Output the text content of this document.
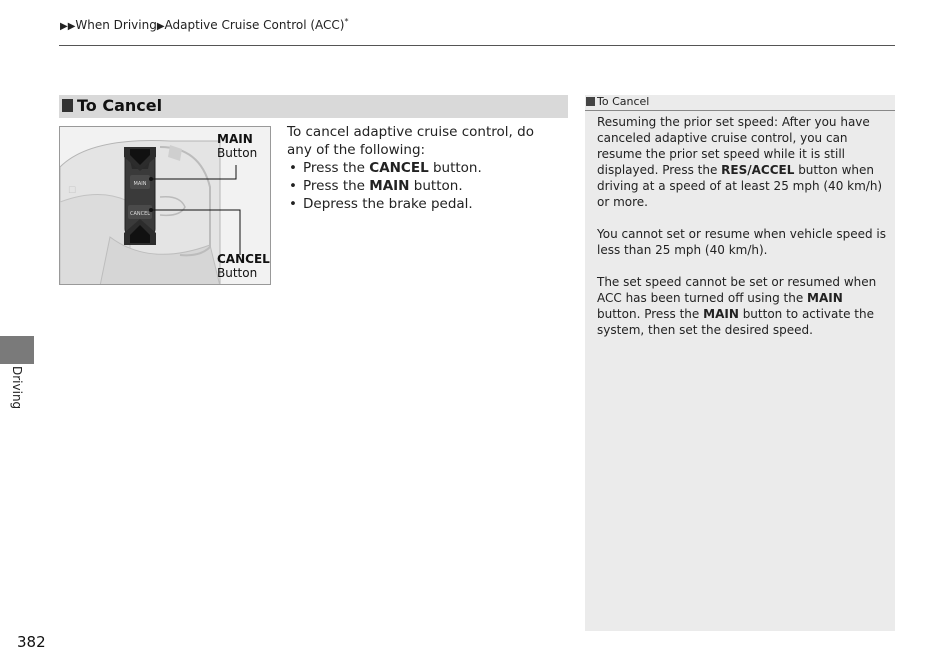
▶▶When Driving▶Adaptive Cruise Control (ACC)*
To Cancel
MAIN
CANCEL
☐
MAIN
Button
CANCEL
Button
To cancel adaptive cruise control, do any of the following:
• Press the CANCEL button.
• Press the MAIN button.
• Depress the brake pedal.
To Cancel

Resuming the prior set speed: After you have canceled adaptive cruise control, you can resume the prior set speed while it is still displayed. Press the RES/ACCEL button when driving at a speed of at least 25 mph (40 km/h) or more.

You cannot set or resume when vehicle speed is less than 25 mph (40 km/h).

The set speed cannot be set or resumed when ACC has been turned off using the MAIN button. Press the MAIN button to activate the system, then set the desired speed.

Driving
382
